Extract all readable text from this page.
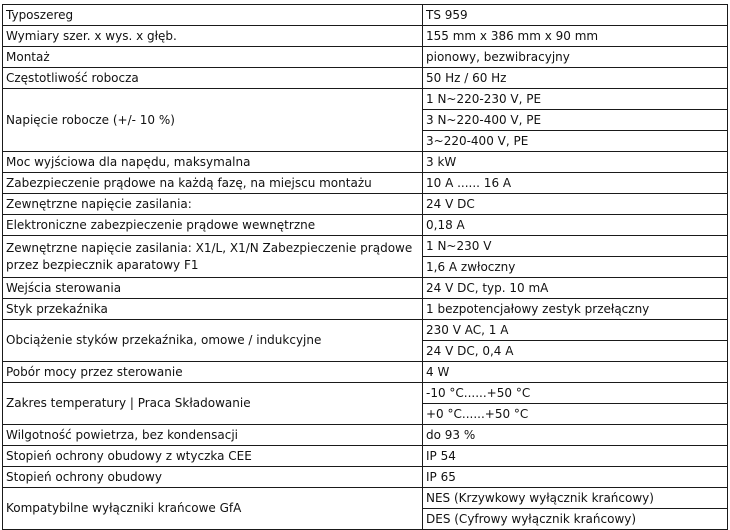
Typoszereg	TS 959
Wymiary szer. x wys. x głęb.	155 mm x 386 mm x 90 mm
Montaż	pionowy, bezwibracyjny
Częstotliwość robocza	50 Hz / 60 Hz
Napięcie robocze (+/- 10 %)	1 N~220-230 V, PE
	3 N~220-400 V, PE
	3~220-400 V, PE
Moc wyjściowa dla napędu, maksymalna	3 kW
Zabezpieczenie prądowe na każdą fazę, na miejscu montażu	10 A ...... 16 A
Zewnętrzne napięcie zasilania:	24 V DC
Elektroniczne zabezpieczenie prądowe wewnętrzne	0,18 A
Zewnętrzne napięcie zasilania: X1/L, X1/N Zabezpieczenie prądowe przez bezpiecznik aparatowy F1	1 N~230 V
	1,6 A zwłoczny
Wejścia sterowania	24 V DC, typ. 10 mA
Styk przekaźnika	1 bezpotencjałowy zestyk przełączny
Obciążenie styków przekaźnika, omowe / indukcyjne	230 V AC, 1 A
	24 V DC, 0,4 A
Pobór mocy przez sterowanie	4 W
Zakres temperatury | Praca Składowanie	-10 °C......+50 °C
	+0 °C......+50 °C
Wilgotność powietrza, bez kondensacji	do 93 %
Stopień ochrony obudowy z wtyczka CEE	IP 54
Stopień ochrony obudowy	IP 65
Kompatybilne wyłączniki krańcowe GfA	NES (Krzywkowy wyłącznik krańcowy)
	DES (Cyfrowy wyłącznik krańcowy)
